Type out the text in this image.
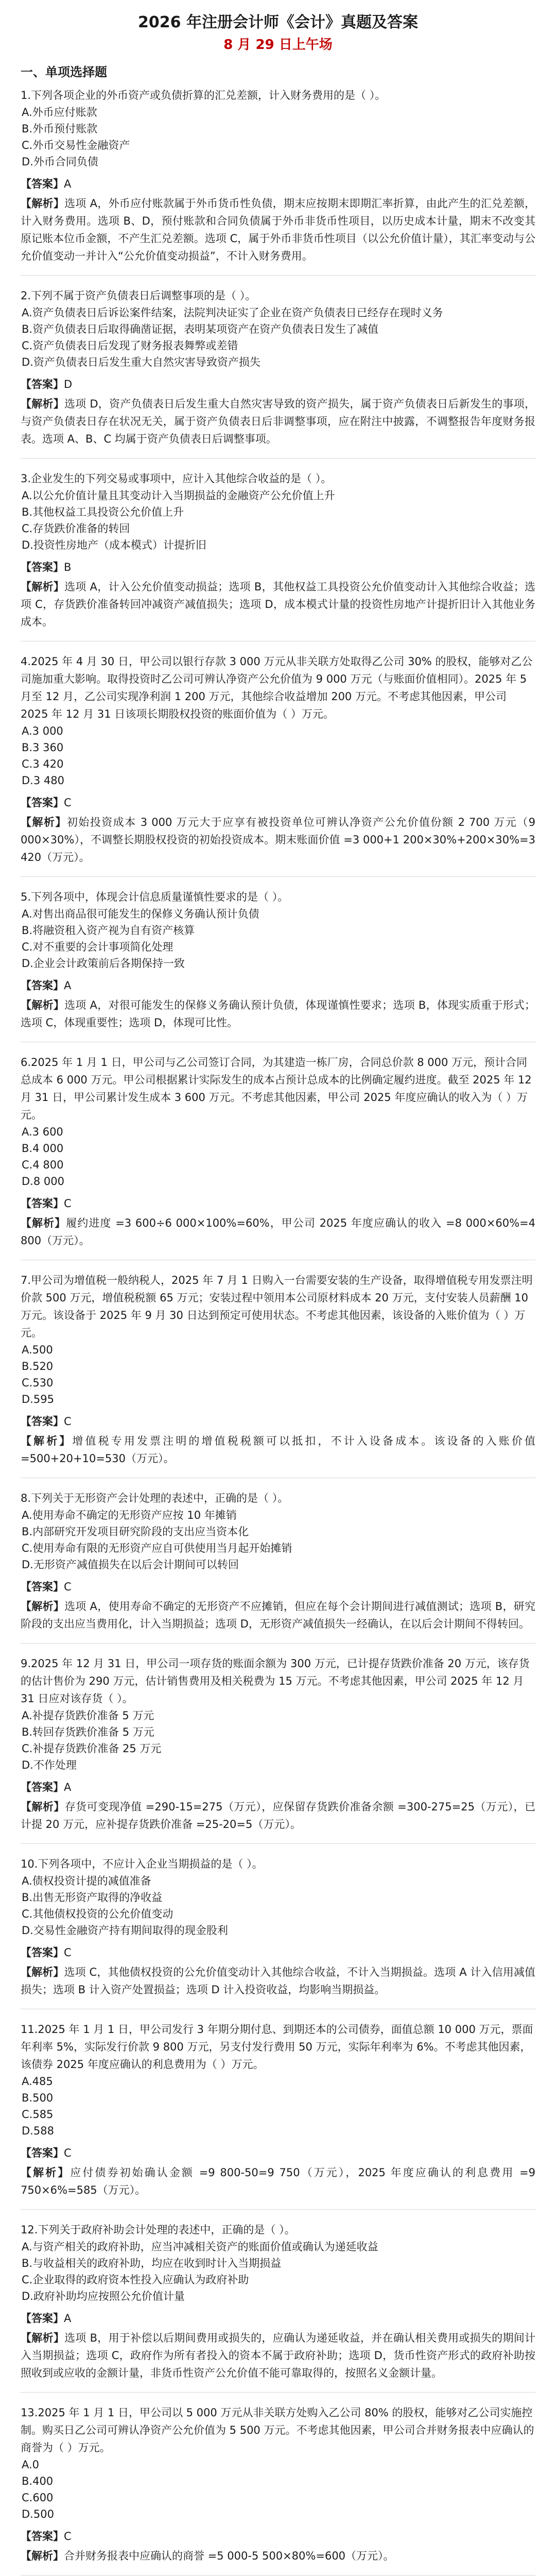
2026 年注册会计师《会计》真题及答案
8 月 29 日上午场
一、单项选择题

1.下列各项企业的外币资产或负债折算的汇兑差额，计入财务费用的是（ ）。

A.外币应付账款

B.外币预付账款

C.外币交易性金融资产

D.外币合同负债

【答案】A

【解析】选项 A，外币应付账款属于外币货币性负债，期末应按期末即期汇率折算，由此产生的汇兑差额，计入财务费用。选项 B、D，预付账款和合同负债属于外币非货币性项目，以历史成本计量，期末不改变其原记账本位币金额，不产生汇兑差额。选项 C，属于外币非货币性项目（以公允价值计量），其汇率变动与公允价值变动一并计入“公允价值变动损益”，不计入财务费用。

2.下列不属于资产负债表日后调整事项的是（ ）。

A.资产负债表日后诉讼案件结案，法院判决证实了企业在资产负债表日已经存在现时义务

B.资产负债表日后取得确凿证据，表明某项资产在资产负债表日发生了减值

C.资产负债表日后发现了财务报表舞弊或差错

D.资产负债表日后发生重大自然灾害导致资产损失

【答案】D

【解析】选项 D，资产负债表日后发生重大自然灾害导致的资产损失，属于资产负债表日后新发生的事项，与资产负债表日存在状况无关，属于资产负债表日后非调整事项，应在附注中披露，不调整报告年度财务报表。选项 A、B、C 均属于资产负债表日后调整事项。

3.企业发生的下列交易或事项中，应计入其他综合收益的是（ ）。

A.以公允价值计量且其变动计入当期损益的金融资产公允价值上升

B.其他权益工具投资公允价值上升

C.存货跌价准备的转回

D.投资性房地产（成本模式）计提折旧

【答案】B

【解析】选项 A，计入公允价值变动损益；选项 B，其他权益工具投资公允价值变动计入其他综合收益；选项 C，存货跌价准备转回冲减资产减值损失；选项 D，成本模式计量的投资性房地产计提折旧计入其他业务成本。

4.2025 年 4 月 30 日，甲公司以银行存款 3 000 万元从非关联方处取得乙公司 30% 的股权，能够对乙公司施加重大影响。取得投资时乙公司可辨认净资产公允价值为 9 000 万元（与账面价值相同）。2025 年 5 月至 12 月，乙公司实现净利润 1 200 万元，其他综合收益增加 200 万元。不考虑其他因素，甲公司 2025 年 12 月 31 日该项长期股权投资的账面价值为（ ）万元。

A.3 000

B.3 360

C.3 420

D.3 480

【答案】C

【解析】初始投资成本 3 000 万元大于应享有被投资单位可辨认净资产公允价值份额 2 700 万元（9 000×30%），不调整长期股权投资的初始投资成本。期末账面价值 =3 000+1 200×30%+200×30%=3 420（万元）。

5.下列各项中，体现会计信息质量谨慎性要求的是（ ）。

A.对售出商品很可能发生的保修义务确认预计负债

B.将融资租入资产视为自有资产核算

C.对不重要的会计事项简化处理

D.企业会计政策前后各期保持一致

【答案】A

【解析】选项 A，对很可能发生的保修义务确认预计负债，体现谨慎性要求；选项 B，体现实质重于形式；选项 C，体现重要性；选项 D，体现可比性。

6.2025 年 1 月 1 日，甲公司与乙公司签订合同，为其建造一栋厂房，合同总价款 8 000 万元，预计合同总成本 6 000 万元。甲公司根据累计实际发生的成本占预计总成本的比例确定履约进度。截至 2025 年 12 月 31 日，甲公司累计发生成本 3 600 万元。不考虑其他因素，甲公司 2025 年度应确认的收入为（ ）万元。

A.3 600

B.4 000

C.4 800

D.8 000

【答案】C

【解析】履约进度 =3 600÷6 000×100%=60%，甲公司 2025 年度应确认的收入 =8 000×60%=4 800（万元）。

7.甲公司为增值税一般纳税人，2025 年 7 月 1 日购入一台需要安装的生产设备，取得增值税专用发票注明价款 500 万元，增值税税额 65 万元；安装过程中领用本公司原材料成本 20 万元，支付安装人员薪酬 10 万元。该设备于 2025 年 9 月 30 日达到预定可使用状态。不考虑其他因素，该设备的入账价值为（ ）万元。

A.500

B.520

C.530

D.595

【答案】C

【解析】增值税专用发票注明的增值税税额可以抵扣，不计入设备成本。该设备的入账价值 =500+20+10=530（万元）。

8.下列关于无形资产会计处理的表述中，正确的是（ ）。

A.使用寿命不确定的无形资产应按 10 年摊销

B.内部研究开发项目研究阶段的支出应当资本化

C.使用寿命有限的无形资产应自可供使用当月起开始摊销

D.无形资产减值损失在以后会计期间可以转回

【答案】C

【解析】选项 A，使用寿命不确定的无形资产不应摊销，但应在每个会计期间进行减值测试；选项 B，研究阶段的支出应当费用化，计入当期损益；选项 D，无形资产减值损失一经确认，在以后会计期间不得转回。

9.2025 年 12 月 31 日，甲公司一项存货的账面余额为 300 万元，已计提存货跌价准备 20 万元，该存货的估计售价为 290 万元，估计销售费用及相关税费为 15 万元。不考虑其他因素，甲公司 2025 年 12 月 31 日应对该存货（ ）。

A.补提存货跌价准备 5 万元

B.转回存货跌价准备 5 万元

C.补提存货跌价准备 25 万元

D.不作处理

【答案】A

【解析】存货可变现净值 =290-15=275（万元），应保留存货跌价准备余额 =300-275=25（万元），已计提 20 万元，应补提存货跌价准备 =25-20=5（万元）。

10.下列各项中，不应计入企业当期损益的是（ ）。

A.债权投资计提的减值准备

B.出售无形资产取得的净收益

C.其他债权投资的公允价值变动

D.交易性金融资产持有期间取得的现金股利

【答案】C

【解析】选项 C，其他债权投资的公允价值变动计入其他综合收益，不计入当期损益。选项 A 计入信用减值损失；选项 B 计入资产处置损益；选项 D 计入投资收益，均影响当期损益。

11.2025 年 1 月 1 日，甲公司发行 3 年期分期付息、到期还本的公司债券，面值总额 10 000 万元，票面年利率 5%，实际发行价款 9 800 万元，另支付发行费用 50 万元，实际年利率为 6%。不考虑其他因素，该债券 2025 年度应确认的利息费用为（ ）万元。

A.485

B.500

C.585

D.588

【答案】C

【解析】应付债券初始确认金额 =9 800-50=9 750（万元），2025 年度应确认的利息费用 =9 750×6%=585（万元）。

12.下列关于政府补助会计处理的表述中，正确的是（ ）。

A.与资产相关的政府补助，应当冲减相关资产的账面价值或确认为递延收益

B.与收益相关的政府补助，均应在收到时计入当期损益

C.企业取得的政府资本性投入应确认为政府补助

D.政府补助均应按照公允价值计量

【答案】A

【解析】选项 B，用于补偿以后期间费用或损失的，应确认为递延收益，并在确认相关费用或损失的期间计入当期损益；选项 C，政府作为所有者投入的资本不属于政府补助；选项 D，货币性资产形式的政府补助按照收到或应收的金额计量，非货币性资产公允价值不能可靠取得的，按照名义金额计量。

13.2025 年 1 月 1 日，甲公司以 5 000 万元从非关联方处购入乙公司 80% 的股权，能够对乙公司实施控制。购买日乙公司可辨认净资产公允价值为 5 500 万元。不考虑其他因素，甲公司合并财务报表中应确认的商誉为（ ）万元。

A.0

B.400

C.600

D.500

【答案】C

【解析】合并财务报表中应确认的商誉 =5 000-5 500×80%=600（万元）。
